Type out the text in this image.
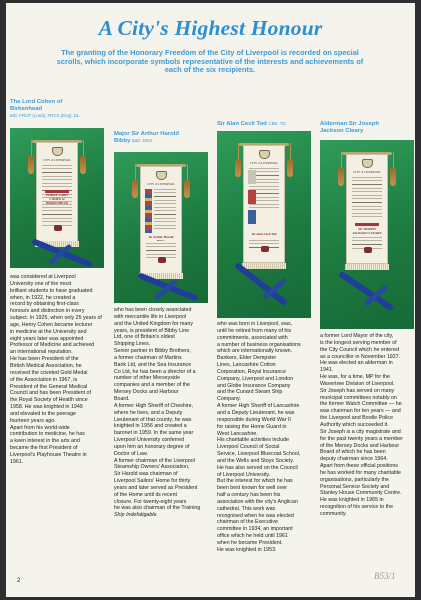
A City's Highest Honour
The granting of the Honorary Freedom of the City of Liverpool is recorded on special scrolls, which incorporate symbols representative of the interests and achievements of each of the six recipients.
The Lord Cohen of
Birkenhead
MD, FRCP (Lond), FRCS (Eng), DL
CITY of LIVERPOOL
HARRY LORD COHEN of BIRKENHEAD

was considered at Liverpool

University one of the most

brilliant students to have graduated

when, in 1922, he created a

record by obtaining first-class

honours and distinction in every

subject. In 1925, when only 25 years of

age, Henry Cohen became lecturer

in medicine at the University and

eight years later was appointed

Professor of Medicine and achieved

an international reputation.

He has been President of the

British Medical Association, he

received the coveted Gold Medal

of the Association in 1967, is

President of the General Medical

Council and has been President of

the Royal Society of Health since

1958. He was knighted in 1949

and elevated to the peerage

fourteen years ago.

Apart from his world-wide

contribution to medicine, he has

a keen interest in the arts and

became the first President of

Liverpool's Playhouse Theatre in

1961.

Major Sir Arthur Harold
Bibby Bart. DSO
CITY of LIVERPOOL
Sir Arthur Harold

who has been closely associated

with mercantile life in Liverpool

and the United Kingdom for many

years, is president of Bibby Line

Ltd, one of Britain's oldest

Shipping Lines.

Senior partner in Bibby Brothers,

a former chairman of Martins

Bank Ltd, and the Sea Insurance

Co Ltd, he has been a director of a

number of other Merseyside

companies and a member of the

Mersey Docks and Harbour

Board.

A former High Sheriff of Cheshire,

where he lives, and a Deputy

Lieutenant of that county, he was

knighted in 1956 and created a

baronet in 1959. In the same year

Liverpool University conferred

upon him an honorary degree of

Doctor of Law.

A former chairman of the Liverpool

Steamship Owners' Association,

Sir Harold was chairman of

Liverpool Sailors' Home for thirty

years and later served as President

of the Home until its recent

closure. For twenty-eight years

he was also chairman of the Training

Ship Indefatigable.

Sir Alan Cecil Tod CBE, TD
CITY of LIVERPOOL
Sir Alan Cecil Tod

who was born in Liverpool, was,

until he retired from many of his

commitments, associated with

a number of business organisations

which are internationally known.

Bankers, Elder Dempster

Lines, Lancashire Cotton

Corporation, Royal Insurance

Company, Liverpool and London

and Globe Insurance Company

and the Cunard Steam Ship

Company.

A former High Sheriff of Lancashire

and a Deputy Lieutenant, he was

responsible during World War II

for raising the Home Guard in

West Lancashire.

His charitable activities include

Liverpool Council of Social

Service, Liverpool Bluecoat School,

and the Wells and Stoys Society.

He has also served on the Council

of Liverpool University.

But the interest for which he has

been best known for well over

half a century has been his

association with the city's Anglican

cathedral. This work was

recognised when he was elected

chairman of the Executive

committee in 1934, an important

office which he held until 1961

when he became President.

He was knighted in 1953.

Alderman Sir Joseph
Jackson Cleary
CITY of LIVERPOOL
Sir JOSEPH JACKSON CLEARY

a former Lord Mayor of the city,

is the longest serving member of

the City Council which he entered

as a councillor in November 1927.

He was elected an alderman in

1941.

He was, for a time, MP for the

Wavertree Division of Liverpool.

Sir Joseph has served on many

municipal committees notably on

the former Watch Committee — he

was chairman for ten years — and

the Liverpool and Bootle Police

Authority which succeeded it.

Sir Joseph is a city magistrate and

for the past twenty years a member

of the Mersey Docks and Harbour

Board of which he has been

deputy chairman since 1964.

Apart from these official positions

he has worked for many charitable

organisations, particularly the

Personal Service Society and

Stanley House Community Centre.

He was knighted in 1965 in

recognition of his service to the

community.

2	B53/1
